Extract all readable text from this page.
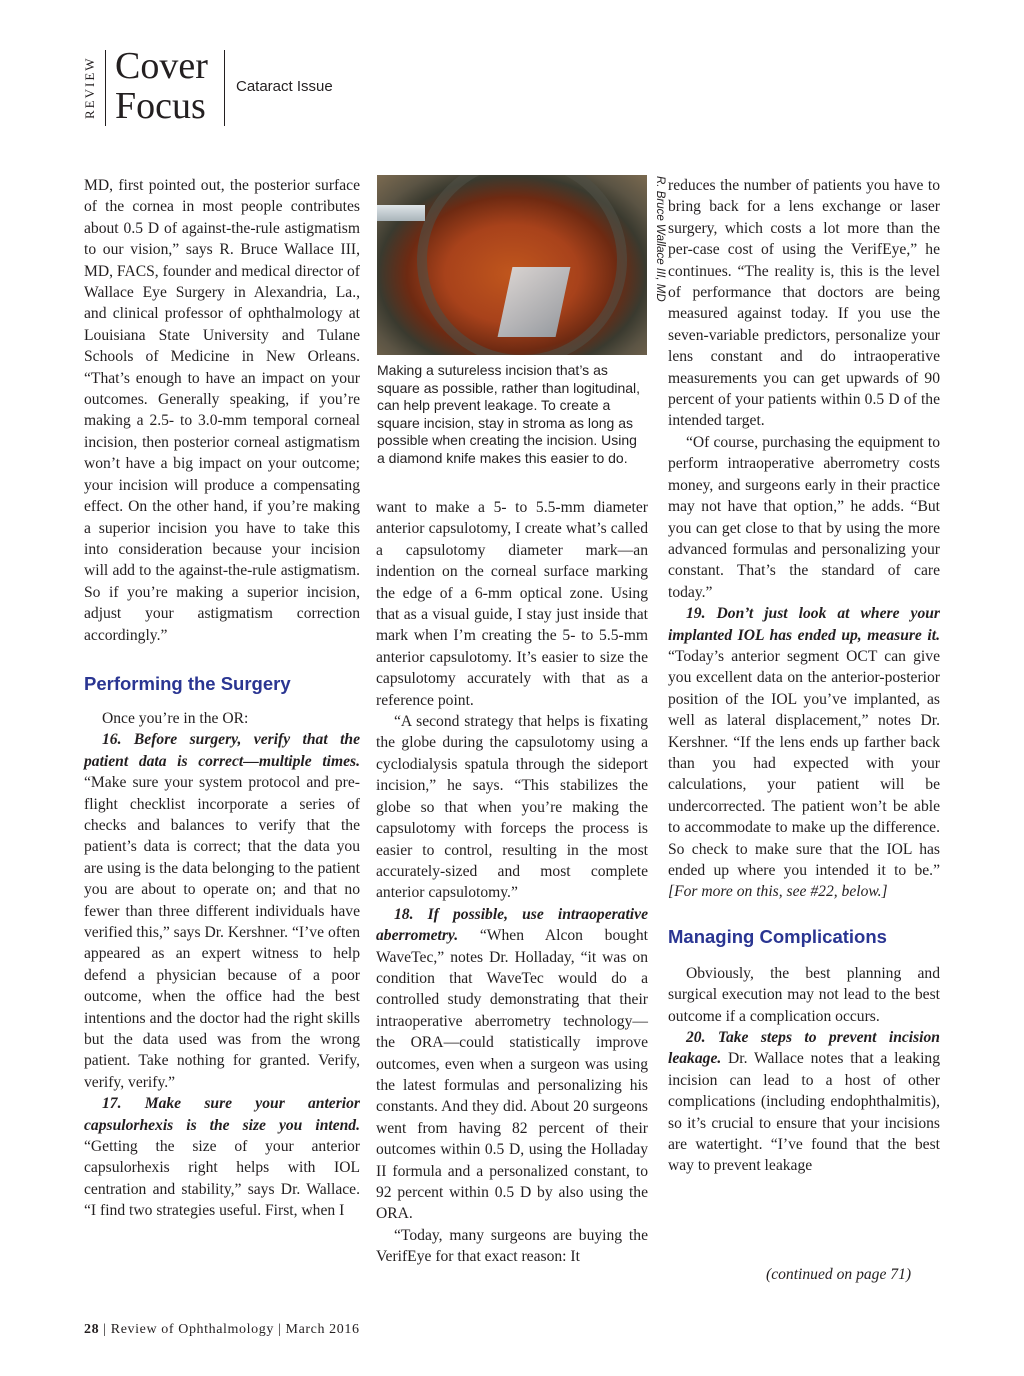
REVIEW Cover
Focus Cataract Issue

MD, first pointed out, the posterior surface of the cornea in most people contributes about 0.5 D of against-the-rule astigmatism to our vision,” says R. Bruce Wallace III, MD, FACS, founder and medical director of Wallace Eye Surgery in Alexandria, La., and clinical professor of ophthalmology at Louisiana State University and Tulane Schools of Medicine in New Orleans. “That’s enough to have an impact on your outcomes. Generally speaking, if you’re making a 2.5- to 3.0-mm temporal corneal incision, then posterior corneal astigmatism won’t have a big impact on your outcome; your incision will produce a compensating effect. On the other hand, if you’re making a superior incision you have to take this into consideration because your incision will add to the against-the-rule astigmatism. So if you’re making a superior incision, adjust your astigmatism correction accordingly.”

Performing the Surgery

Once you’re in the OR:

16. Before surgery, verify that the patient data is correct—multiple times. “Make sure your system protocol and pre-flight checklist incorporate a series of checks and balances to verify that the patient’s data is correct; that the data you are using is the data belonging to the patient you are about to operate on; and that no fewer than three different individuals have verified this,” says Dr. Kershner. “I’ve often appeared as an expert witness to help defend a physician because of a poor outcome, when the office had the best intentions and the doctor had the right skills but the data used was from the wrong patient. Take nothing for granted. Verify, verify, verify.”

17. Make sure your anterior capsulorhexis is the size you intend. “Getting the size of your anterior capsulorhexis right helps with IOL centration and stability,” says Dr. Wallace. “I find two strategies useful. First, when I

R. Bruce Wallace III, MD
Making a sutureless incision that’s as square as possible, rather than logitudinal, can help prevent leakage. To create a square incision, stay in stroma as long as possible when creating the incision. Using a diamond knife makes this easier to do.

want to make a 5- to 5.5-mm diameter anterior capsulotomy, I create what’s called a capsulotomy diameter mark—an indention on the corneal surface marking the edge of a 6-mm optical zone. Using that as a visual guide, I stay just inside that mark when I’m creating the 5- to 5.5-mm anterior capsulotomy. It’s easier to size the capsulotomy accurately with that as a reference point.

“A second strategy that helps is fixating the globe during the capsulotomy using a cyclodialysis spatula through the sideport incision,” he says. “This stabilizes the globe so that when you’re making the capsulotomy with forceps the process is easier to control, resulting in the most accurately-sized and most complete anterior capsulotomy.”

18. If possible, use intraoperative aberrometry. “When Alcon bought WaveTec,” notes Dr. Holladay, “it was on condition that WaveTec would do a controlled study demonstrating that their intraoperative aberrometry technology—the ORA—could statistically improve outcomes, even when a surgeon was using the latest formulas and personalizing his constants. And they did. About 20 surgeons went from having 82 percent of their outcomes within 0.5 D, using the Holladay II formula and a personalized constant, to 92 percent within 0.5 D by also using the ORA.

“Today, many surgeons are buying the VerifEye for that exact reason: It

reduces the number of patients you have to bring back for a lens exchange or laser surgery, which costs a lot more than the per-case cost of using the VerifEye,” he continues. “The reality is, this is the level of performance that doctors are being measured against today. If you use the seven-variable predictors, personalize your lens constant and do intraoperative measurements you can get upwards of 90 percent of your patients within 0.5 D of the intended target.

“Of course, purchasing the equipment to perform intraoperative aberrometry costs money, and surgeons early in their practice may not have that option,” he adds. “But you can get close to that by using the more advanced formulas and personalizing your constant. That’s the standard of care today.”

19. Don’t just look at where your implanted IOL has ended up, measure it. “Today’s anterior segment OCT can give you excellent data on the anterior-posterior position of the IOL you’ve implanted, as well as lateral displacement,” notes Dr. Kershner. “If the lens ends up farther back than you had expected with your calculations, your patient will be undercorrected. The patient won’t be able to accommodate to make up the difference. So check to make sure that the IOL has ended up where you intended it to be.” [For more on this, see #22, below.]

Managing Complications

Obviously, the best planning and surgical execution may not lead to the best outcome if a complication occurs.

20. Take steps to prevent incision leakage. Dr. Wallace notes that a leaking incision can lead to a host of other complications (including endophthalmitis), so it’s crucial to ensure that your incisions are watertight. “I’ve found that the best way to prevent leakage

(continued on page 71)
28 | Review of Ophthalmology | March 2016
